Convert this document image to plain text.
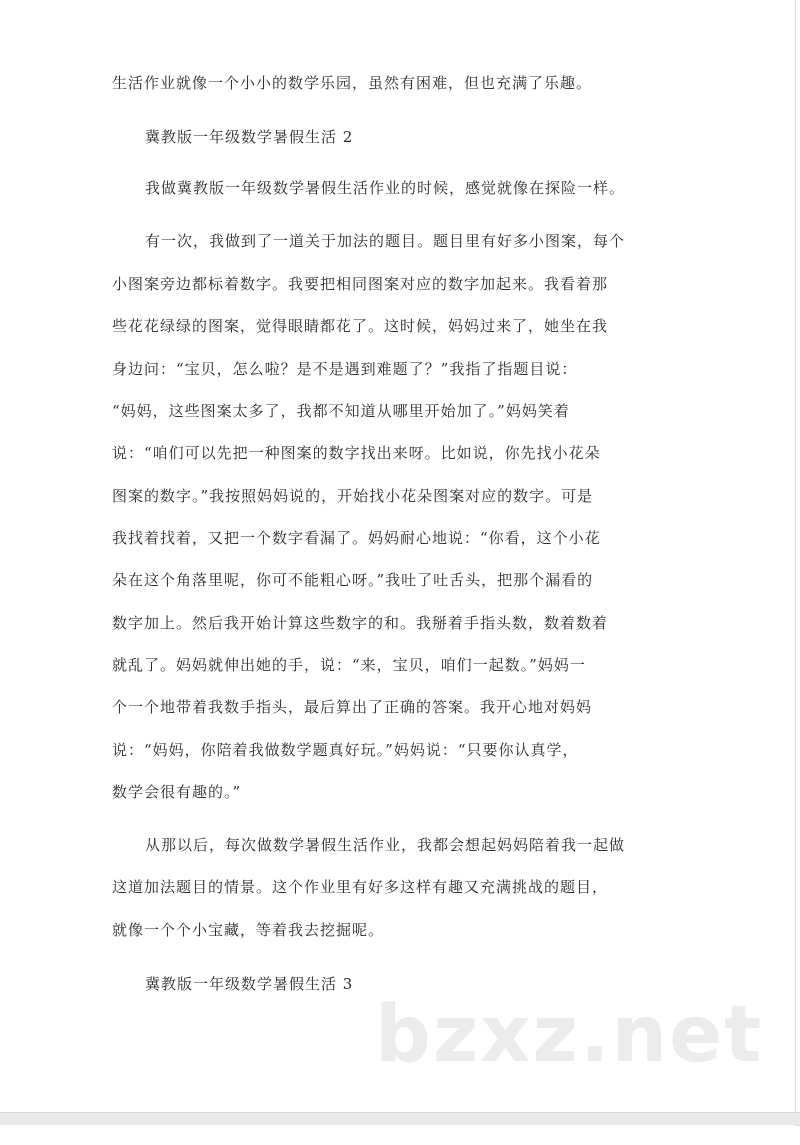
生活作业就像一个小小的数学乐园，虽然有困难，但也充满了乐趣。
冀教版一年级数学暑假生活 2
我做冀教版一年级数学暑假生活作业的时候，感觉就像在探险一样。
有一次，我做到了一道关于加法的题目。题目里有好多小图案，每个
小图案旁边都标着数字。我要把相同图案对应的数字加起来。我看着那
些花花绿绿的图案，觉得眼睛都花了。这时候，妈妈过来了，她坐在我
身边问：“宝贝，怎么啦？是不是遇到难题了？”我指了指题目说：
“妈妈，这些图案太多了，我都不知道从哪里开始加了。”妈妈笑着
说：“咱们可以先把一种图案的数字找出来呀。比如说，你先找小花朵
图案的数字。”我按照妈妈说的，开始找小花朵图案对应的数字。可是
我找着找着，又把一个数字看漏了。妈妈耐心地说：“你看，这个小花
朵在这个角落里呢，你可不能粗心呀。”我吐了吐舌头，把那个漏看的
数字加上。然后我开始计算这些数字的和。我掰着手指头数，数着数着
就乱了。妈妈就伸出她的手，说：“来，宝贝，咱们一起数。”妈妈一
个一个地带着我数手指头，最后算出了正确的答案。我开心地对妈妈
说：“妈妈，你陪着我做数学题真好玩。”妈妈说：“只要你认真学，
数学会很有趣的。”
从那以后，每次做数学暑假生活作业，我都会想起妈妈陪着我一起做
这道加法题目的情景。这个作业里有好多这样有趣又充满挑战的题目，
就像一个个小宝藏，等着我去挖掘呢。
冀教版一年级数学暑假生活 3
bzxz.net
